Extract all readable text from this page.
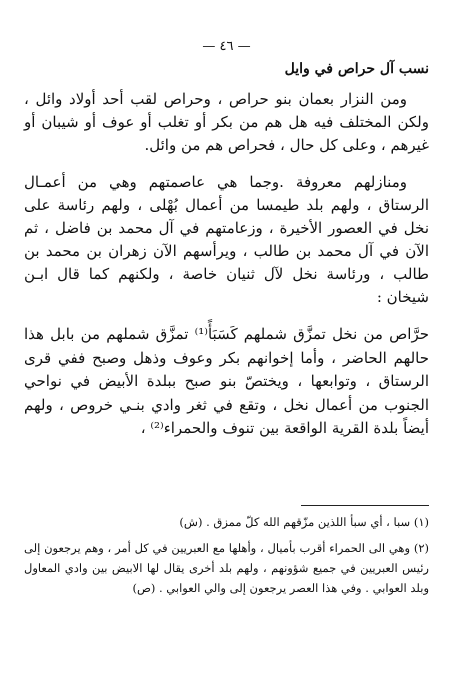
— ٤٦ —
نسب آل حراص في وايل

ومن النزار بعمان بنو حراص ، وحراص لقب أحد أولاد وائل ، ولكن المختلف فيه هل هم من بكر أو تغلب أو عوف أو شيبان أو غيرهم ، وعلى كل حال ، فحراص هم من وائل.

ومنازلهم معروفة .وجما هي عاصمتهم وهي من أعمـال الرستاق ، ولهم بلد طيمسا من أعمال بُهْلى ، ولهم رئاسة على نخل في العصور الأخيرة ، وزعامتهم في آل محمد بن فاضل ، ثم الآن في آل محمد بن طالب ، ويرأسهم الآن زهران بن محمد بن طالب ، ورئاسة نخل لآل ثنيان خاصة ، ولكنهم كما قال ابـن شيخان :

حرَّاص من نخل تمزَّق شملهم كَسَبَأً⁽¹⁾ تمزَّق شملهم من بابل هذا حالهم الحاضر ، وأما إخوانهم بكر وعوف وذهل وصبح ففي قرى الرستاق ، وتوابعها ، ويختصّ بنو صبح ببلدة الأبيض في نواحي الجنوب من أعمال نخل ، وتقع في ثغر وادي بنـي خروص ، ولهم أيضاً بلدة القرية الواقعة بين تنوف والحمراء⁽²⁾ ،

(١) سبا ، أي سبأ اللذين مزّقهم الله كلّ ممزق . (ش)

(٢) وهي الى الحمراء أقرب بأميال ، وأهلها مع العبريين في كل أمر ، وهم يرجعون إلى رئيس العبريين في جميع شؤونهم ، ولهم بلد أخرى يقال لها الابيض بين وادي المعاول وبلد العوابي . وفي هذا العصر يرجعون إلى والي العوابي . (ص)
